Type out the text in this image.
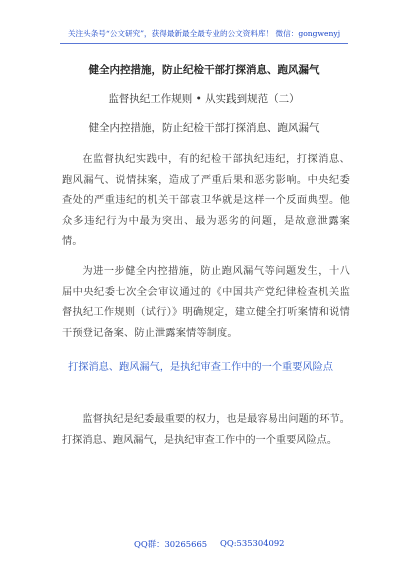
关注头条号“公文研究”，获得最新最全最专业的公文资料库！ 微信：gongwenyj
健全内控措施，防止纪检干部打探消息、跑风漏气
监督执纪工作规则 • 从实践到规范（二）
健全内控措施，防止纪检干部打探消息、跑风漏气

在监督执纪实践中，有的纪检干部执纪违纪，打探消息、跑风漏气、说情抹案，造成了严重后果和恶劣影响。中央纪委查处的严重违纪的机关干部袁卫华就是这样一个反面典型。他众多违纪行为中最为突出、最为恶劣的问题，是故意泄露案情。

为进一步健全内控措施，防止跑风漏气等问题发生，十八届中央纪委七次全会审议通过的《中国共产党纪律检查机关监督执纪工作规则（试行）》明确规定，建立健全打听案情和说情干预登记备案、防止泄露案情等制度。

打探消息、跑风漏气，是执纪审查工作中的一个重要风险点

监督执纪是纪委最重要的权力，也是最容易出问题的环节。打探消息、跑风漏气，是执纪审查工作中的一个重要风险点。

QQ群：30265665 QQ:535304092
